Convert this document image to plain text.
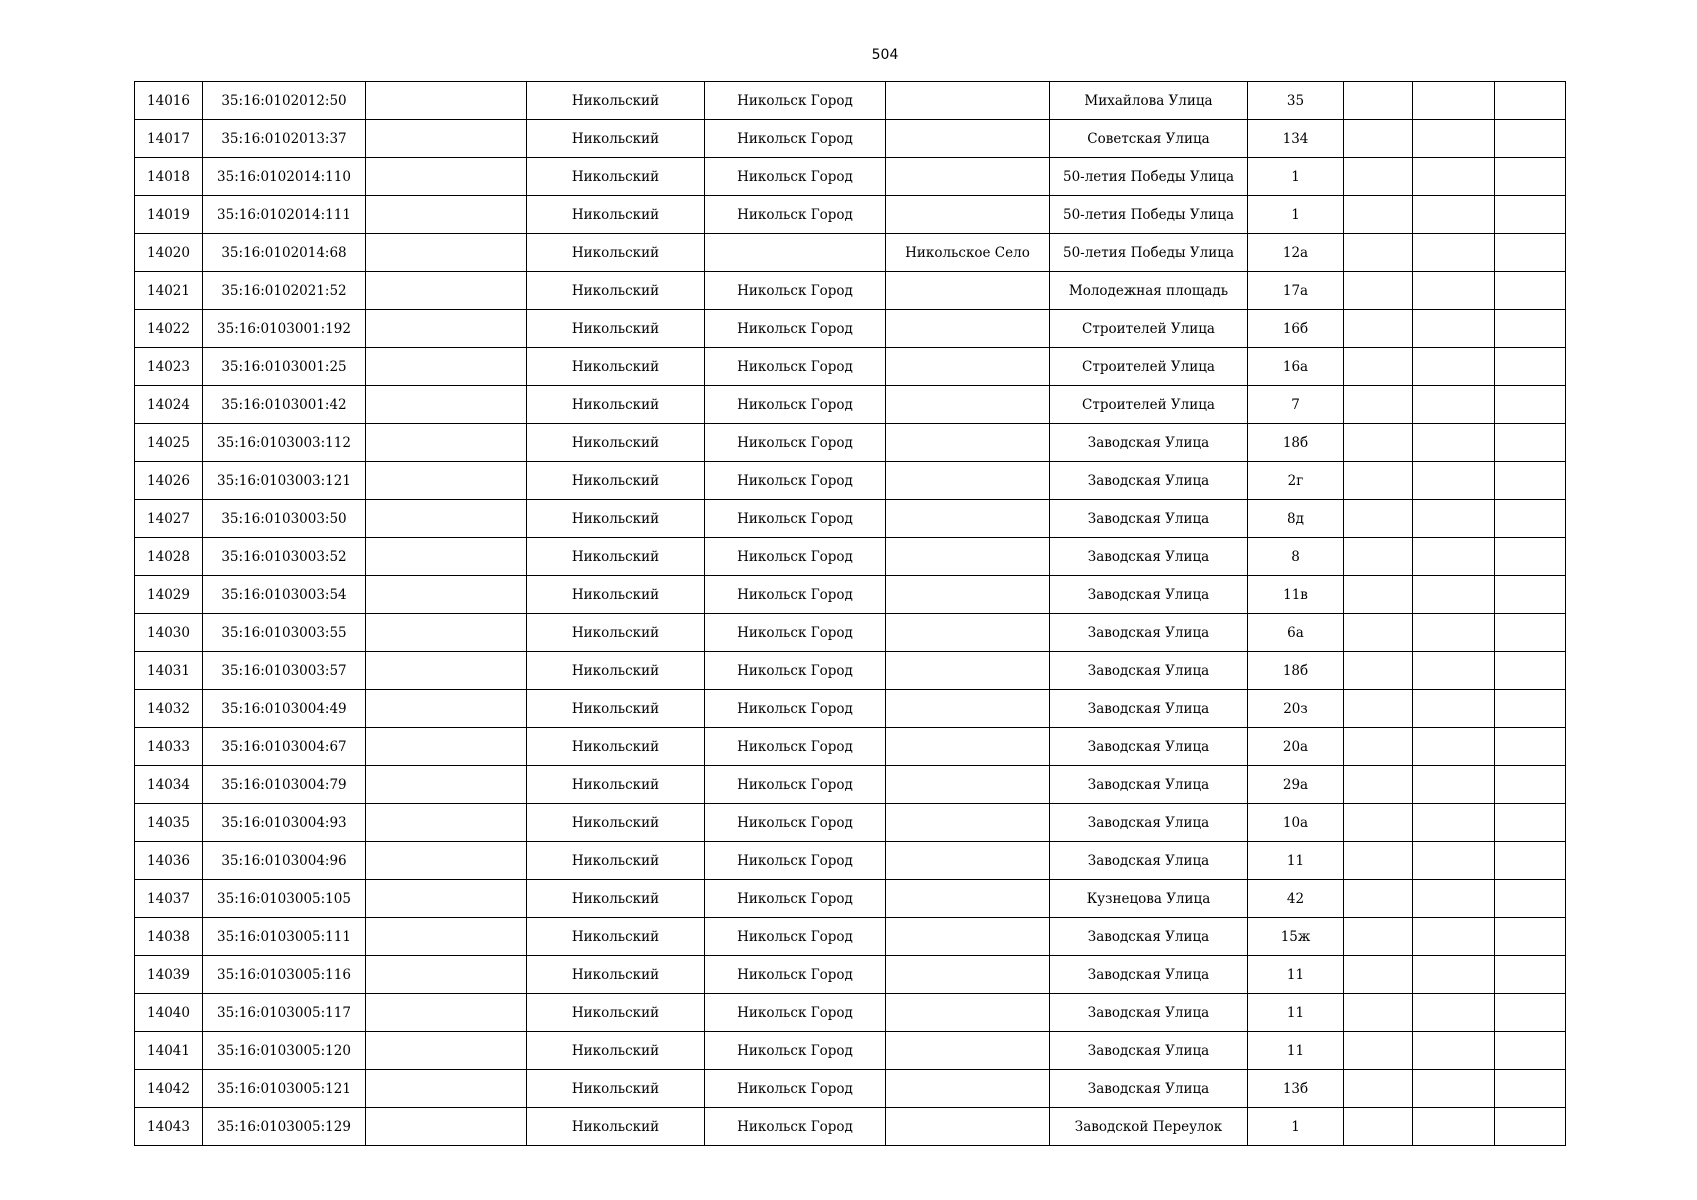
504
14016	35:16:0102012:50		Никольский	Никольск Город		Михайлова Улица	35			
14017	35:16:0102013:37		Никольский	Никольск Город		Советская Улица	134			
14018	35:16:0102014:110		Никольский	Никольск Город		50-летия Победы Улица	1			
14019	35:16:0102014:111		Никольский	Никольск Город		50-летия Победы Улица	1			
14020	35:16:0102014:68		Никольский		Никольское Село	50-летия Победы Улица	12а			
14021	35:16:0102021:52		Никольский	Никольск Город		Молодежная площадь	17а			
14022	35:16:0103001:192		Никольский	Никольск Город		Строителей Улица	16б			
14023	35:16:0103001:25		Никольский	Никольск Город		Строителей Улица	16а			
14024	35:16:0103001:42		Никольский	Никольск Город		Строителей Улица	7			
14025	35:16:0103003:112		Никольский	Никольск Город		Заводская Улица	18б			
14026	35:16:0103003:121		Никольский	Никольск Город		Заводская Улица	2г			
14027	35:16:0103003:50		Никольский	Никольск Город		Заводская Улица	8д			
14028	35:16:0103003:52		Никольский	Никольск Город		Заводская Улица	8			
14029	35:16:0103003:54		Никольский	Никольск Город		Заводская Улица	11в			
14030	35:16:0103003:55		Никольский	Никольск Город		Заводская Улица	6а			
14031	35:16:0103003:57		Никольский	Никольск Город		Заводская Улица	18б			
14032	35:16:0103004:49		Никольский	Никольск Город		Заводская Улица	20з			
14033	35:16:0103004:67		Никольский	Никольск Город		Заводская Улица	20а			
14034	35:16:0103004:79		Никольский	Никольск Город		Заводская Улица	29а			
14035	35:16:0103004:93		Никольский	Никольск Город		Заводская Улица	10а			
14036	35:16:0103004:96		Никольский	Никольск Город		Заводская Улица	11			
14037	35:16:0103005:105		Никольский	Никольск Город		Кузнецова Улица	42			
14038	35:16:0103005:111		Никольский	Никольск Город		Заводская Улица	15ж			
14039	35:16:0103005:116		Никольский	Никольск Город		Заводская Улица	11			
14040	35:16:0103005:117		Никольский	Никольск Город		Заводская Улица	11			
14041	35:16:0103005:120		Никольский	Никольск Город		Заводская Улица	11			
14042	35:16:0103005:121		Никольский	Никольск Город		Заводская Улица	13б			
14043	35:16:0103005:129		Никольский	Никольск Город		Заводской Переулок	1			
